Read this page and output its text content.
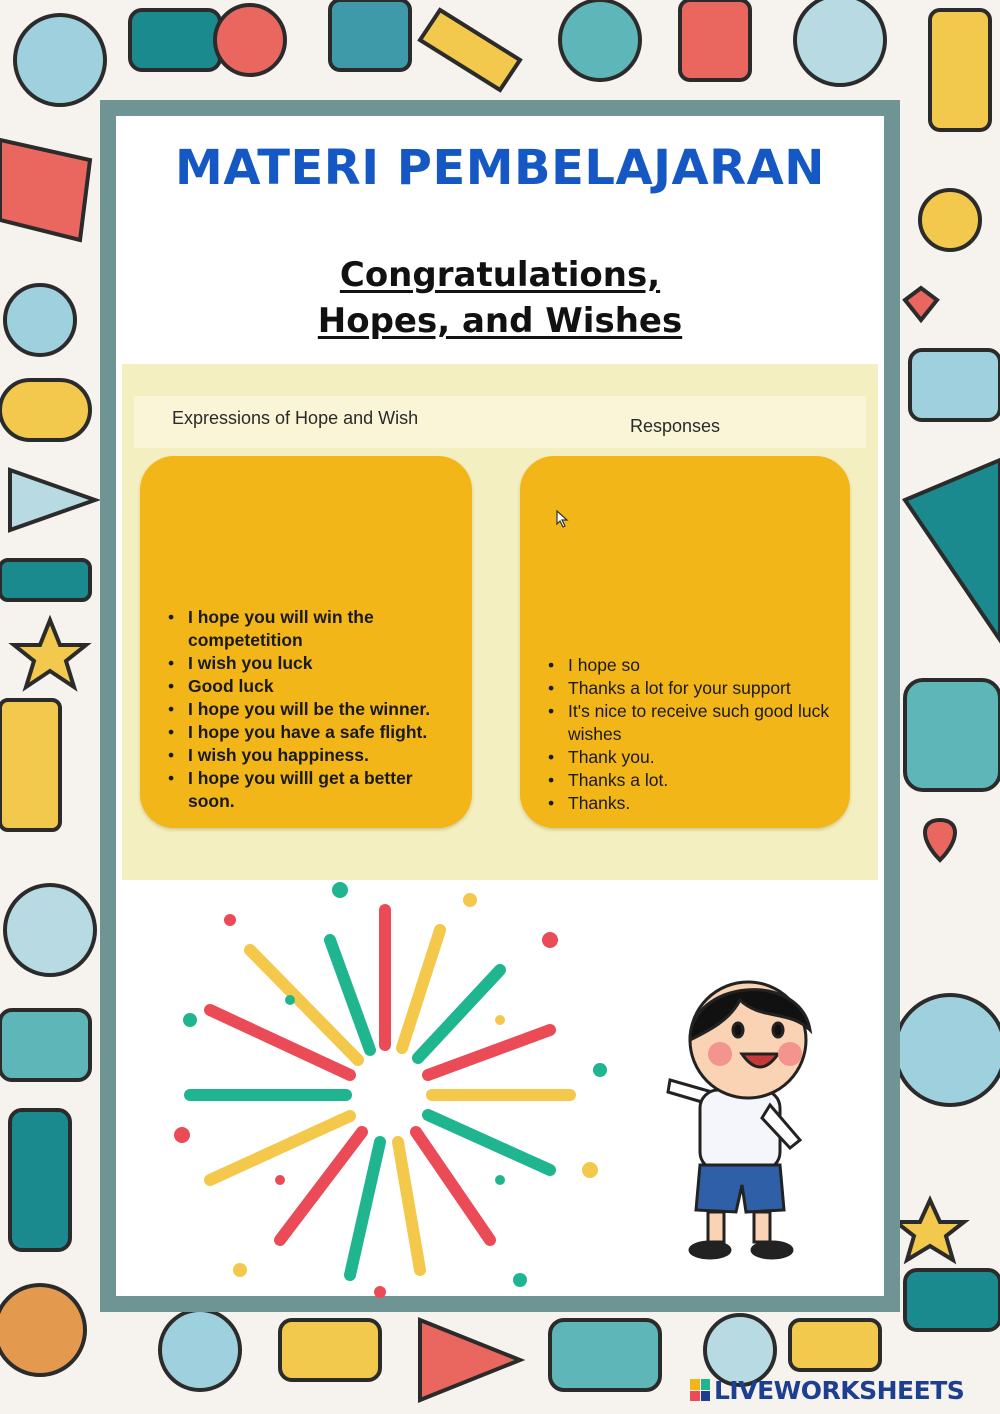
MATERI PEMBELAJARAN
Congratulations,
Hopes, and Wishes
Expressions of Hope and Wish	Responses
• I hope you will win the competetition
• I wish you luck
• Good luck
• I hope you will be the winner.
• I hope you have a safe flight.
• I wish you happiness.
• I hope you willl get a better soon.
• I hope so
• Thanks a lot for your support
• It's nice to receive such good luck wishes
• Thank you.
• Thanks a lot.
• Thanks.
LIVEWORKSHEETS
